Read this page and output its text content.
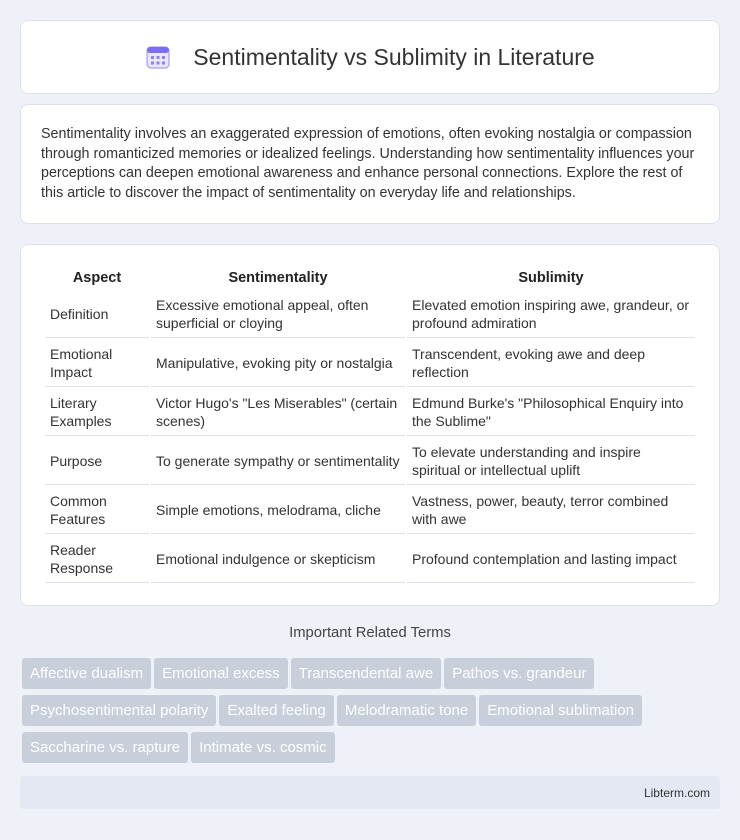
Sentimentality vs Sublimity in Literature

Sentimentality involves an exaggerated expression of emotions, often evoking nostalgia or compassion through romanticized memories or idealized feelings. Understanding how sentimentality influences your perceptions can deepen emotional awareness and enhance personal connections. Explore the rest of this article to discover the impact of sentimentality on everyday life and relationships.

Aspect	Sentimentality	Sublimity
Definition	Excessive emotional appeal, often superficial or cloying	Elevated emotion inspiring awe, grandeur, or profound admiration
Emotional Impact	Manipulative, evoking pity or nostalgia	Transcendent, evoking awe and deep reflection
Literary Examples	Victor Hugo's "Les Miserables" (certain scenes)	Edmund Burke's "Philosophical Enquiry into the Sublime"
Purpose	To generate sympathy or sentimentality	To elevate understanding and inspire spiritual or intellectual uplift
Common Features	Simple emotions, melodrama, cliche	Vastness, power, beauty, terror combined with awe
Reader Response	Emotional indulgence or skepticism	Profound contemplation and lasting impact
Important Related Terms
Affective dualism Emotional excess Transcendental awe Pathos vs. grandeur
Psychosentimental polarity Exalted feeling Melodramatic tone Emotional sublimation
Saccharine vs. rapture Intimate vs. cosmic
Libterm.com
